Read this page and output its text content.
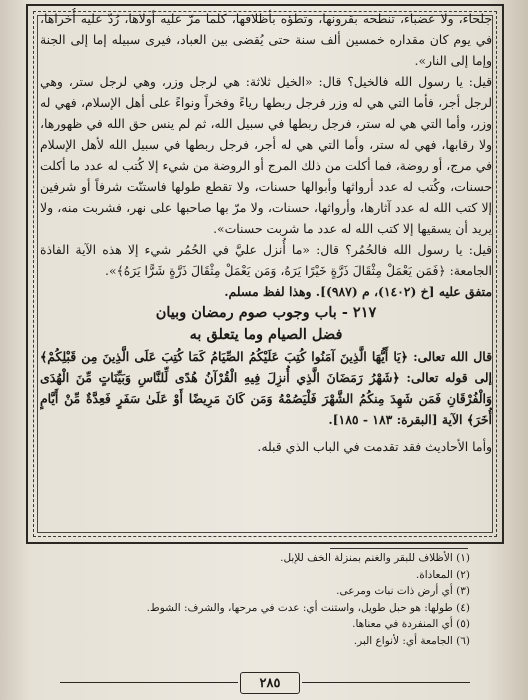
جلحاء، ولا عضباء، تنطحه بقرونها، وتطؤه بأظلافها، كلما مرّ عليه أولاها، رُدّ عليه أُخراها، في يوم كان مقداره خمسين ألف سنة حتى يُقضى بين العباد، فيرى سبيله إما إلى الجنة وإما إلى النار».

قيل: يا رسول الله فالخيل؟ قال: «الخيل ثلاثة: هي لرجل وزر، وهي لرجل ستر، وهي لرجل أجر، فأما التي هي له وزر فرجل ربطها رياءً وفخراً ونواءً على أهل الإسلام، فهي له وزر، وأما التي هي له ستر، فرجل ربطها في سبيل الله، ثم لم ينس حق الله في ظهورها، ولا رقابها، فهي له ستر، وأما التي هي له أجر، فرجل ربطها في سبيل الله لأهل الإسلام في مرج، أو روضة، فما أكلت من ذلك المرج أو الروضة من شيء إلا كُتب له عدد ما أكلت حسنات، وكُتب له عدد أرواثها وأبوالها حسنات، ولا تقطع طولها فاستنّت شرفاً أو شرفين إلا كتب الله له عدد آثارها، وأرواثها، حسنات، ولا مرّ بها صاحبها على نهر، فشربت منه، ولا يريد أن يسقيها إلا كتب الله له عدد ما شربت حسنات».

قيل: يا رسول الله فالحُمُر؟ قال: «ما أُنزل عليَّ في الحُمُر شيء إلا هذه الآية الفاذة الجامعة: ﴿فَمَن يَعْمَلْ مِثْقَالَ ذَرَّةٍ خَيْرًا يَرَهُ، وَمَن يَعْمَلْ مِثْقَالَ ذَرَّةٍ شَرًّا يَرَهُ﴾».

متفق عليه [خ (١٤٠٢)، م (٩٨٧)]. وهذا لفظ مسلم.

٢١٧ - باب وجوب صوم رمضان وبيان

فضل الصيام وما يتعلق به

قال الله تعالى: ﴿يَا أَيُّهَا الَّذِينَ آمَنُوا كُتِبَ عَلَيْكُمُ الصِّيَامُ كَمَا كُتِبَ عَلَى الَّذِينَ مِن قَبْلِكُمْ﴾ إلى قوله تعالى: ﴿شَهْرُ رَمَضَانَ الَّذِي أُنزِلَ فِيهِ الْقُرْآنُ هُدًى لِّلنَّاسِ وَبَيِّنَاتٍ مِّنَ الْهُدَى وَالْفُرْقَانِ فَمَن شَهِدَ مِنكُمُ الشَّهْرَ فَلْيَصُمْهُ وَمَن كَانَ مَرِيضًا أَوْ عَلَىٰ سَفَرٍ فَعِدَّةٌ مِّنْ أَيَّامٍ أُخَرَ﴾ الآية [البقرة: ١٨٣ - ١٨٥].

وأما الأحاديث فقد تقدمت في الباب الذي قبله.

(١) الأظلاف للبقر والغنم بمنزلة الخف للإبل.
(٢) المعاداة.
(٣) أي أرض ذات نبات ومرعى.
(٤) طولها: هو حبل طويل، واستنت أي: عدت في مرحها، والشرف: الشوط.
(٥) أي المنفردة في معناها.
(٦) الجامعة أي: لأنواع البر.
٢٨٥
